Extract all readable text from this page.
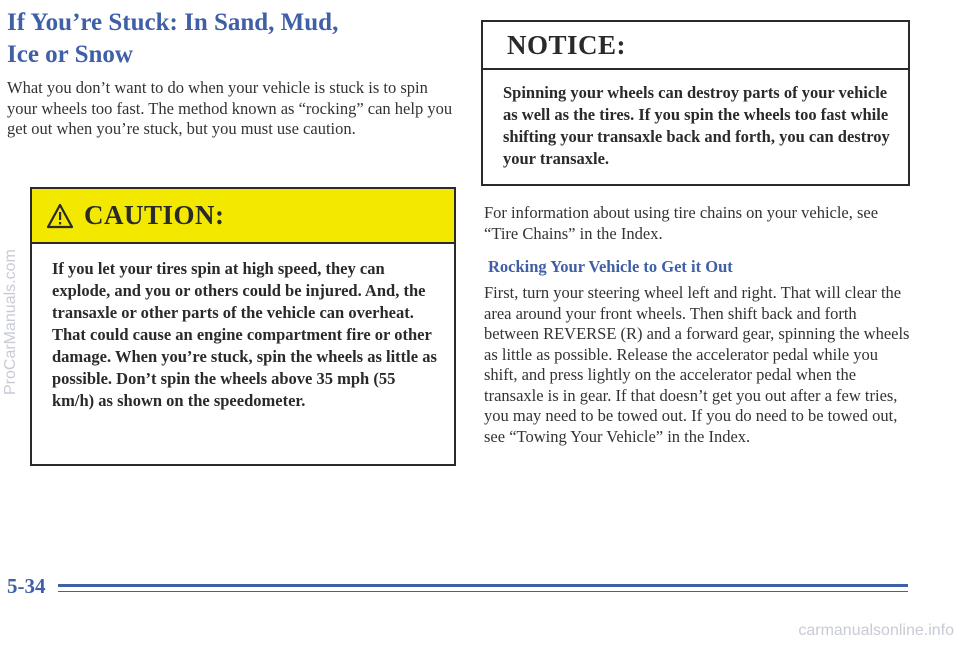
If You’re Stuck: In Sand, Mud,
Ice or Snow

What you don’t want to do when your vehicle is stuck is to spin your wheels too fast. The method known as “rocking” can help you get out when you’re stuck, but you must use caution.

CAUTION:

If you let your tires spin at high speed, they can explode, and you or others could be injured. And, the transaxle or other parts of the vehicle can overheat. That could cause an engine compartment fire or other damage. When you’re stuck, spin the wheels as little as possible. Don’t spin the wheels above 35 mph (55 km/h) as shown on the speedometer.

NOTICE:

Spinning your wheels can destroy parts of your vehicle as well as the tires. If you spin the wheels too fast while shifting your transaxle back and forth, you can destroy your transaxle.

For information about using tire chains on your vehicle, see “Tire Chains” in the Index.

Rocking Your Vehicle to Get it Out

First, turn your steering wheel left and right. That will clear the area around your front wheels. Then shift back and forth between REVERSE (R) and a forward gear, spinning the wheels as little as possible. Release the accelerator pedal while you shift, and press lightly on the accelerator pedal when the transaxle is in gear. If that doesn’t get you out after a few tries, you may need to be towed out. If you do need to be towed out, see “Towing Your Vehicle” in the Index.

5-34
ProCarManuals.com
carmanualsonline.info
